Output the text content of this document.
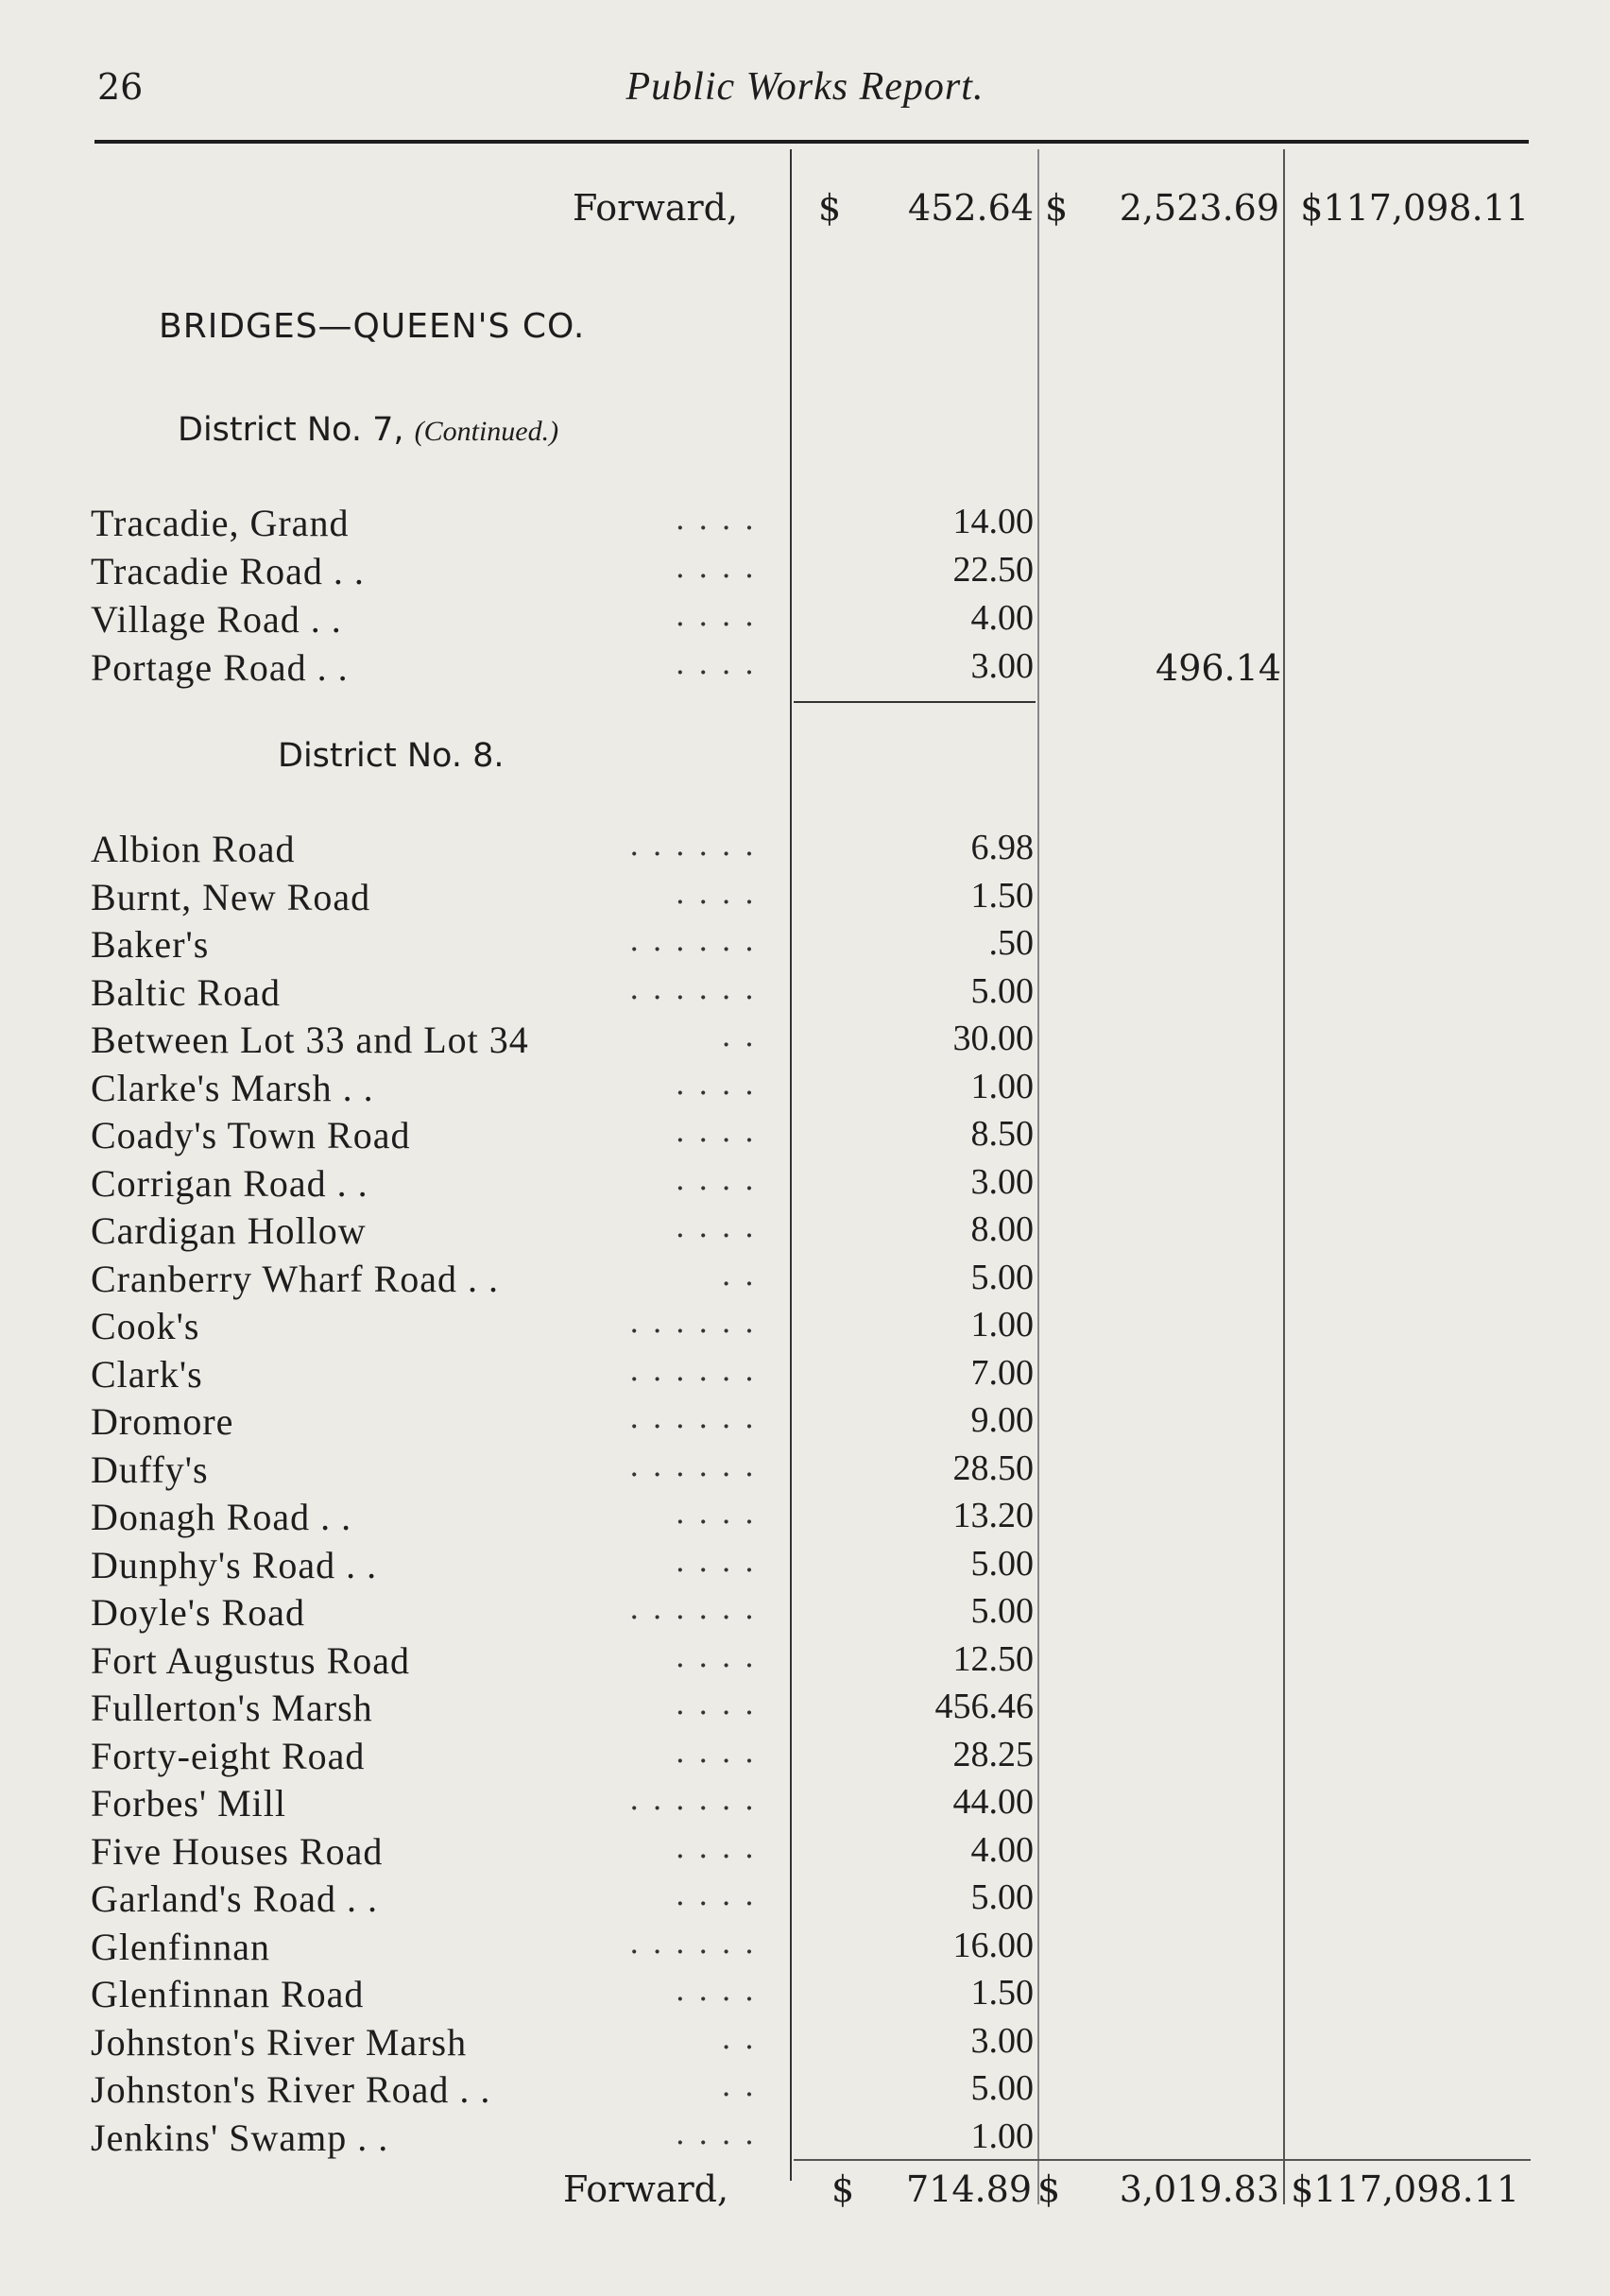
26	Public Works Report.
Forward, $ 452.64 $ 2,523.69 $117,098.11
BRIDGES—QUEEN'S CO.
District No. 7, (Continued.)
Tracadie, Grand	. . . .	14.00
Tracadie Road . .	. . . .	22.50
Village Road . .	. . . .	4.00
Portage Road . .	. . . .	3.00	496.14
District No. 8.
Albion Road	. . . . . .	6.98
Burnt, New Road	. . . .	1.50
Baker's	. . . . . .	.50
Baltic Road	. . . . . .	5.00
Between Lot 33 and Lot 34	. .	30.00
Clarke's Marsh . .	. . . .	1.00
Coady's Town Road	. . . .	8.50
Corrigan Road . .	. . . .	3.00
Cardigan Hollow	. . . .	8.00
Cranberry Wharf Road . .	. .	5.00
Cook's	. . . . . .	1.00
Clark's	. . . . . .	7.00
Dromore	. . . . . .	9.00
Duffy's	. . . . . .	28.50
Donagh Road . .	. . . .	13.20
Dunphy's Road . .	. . . .	5.00
Doyle's Road	. . . . . .	5.00
Fort Augustus Road	. . . .	12.50
Fullerton's Marsh	. . . .	456.46
Forty-eight Road	. . . .	28.25
Forbes' Mill	. . . . . .	44.00
Five Houses Road	. . . .	4.00
Garland's Road . .	. . . .	5.00
Glenfinnan	. . . . . .	16.00
Glenfinnan Road	. . . .	1.50
Johnston's River Marsh	. .	3.00
Johnston's River Road . .	. .	5.00
Jenkins' Swamp . .	. . . .	1.00
Forward,	$ 714.89 $ 3,019.83 $117,098.11
